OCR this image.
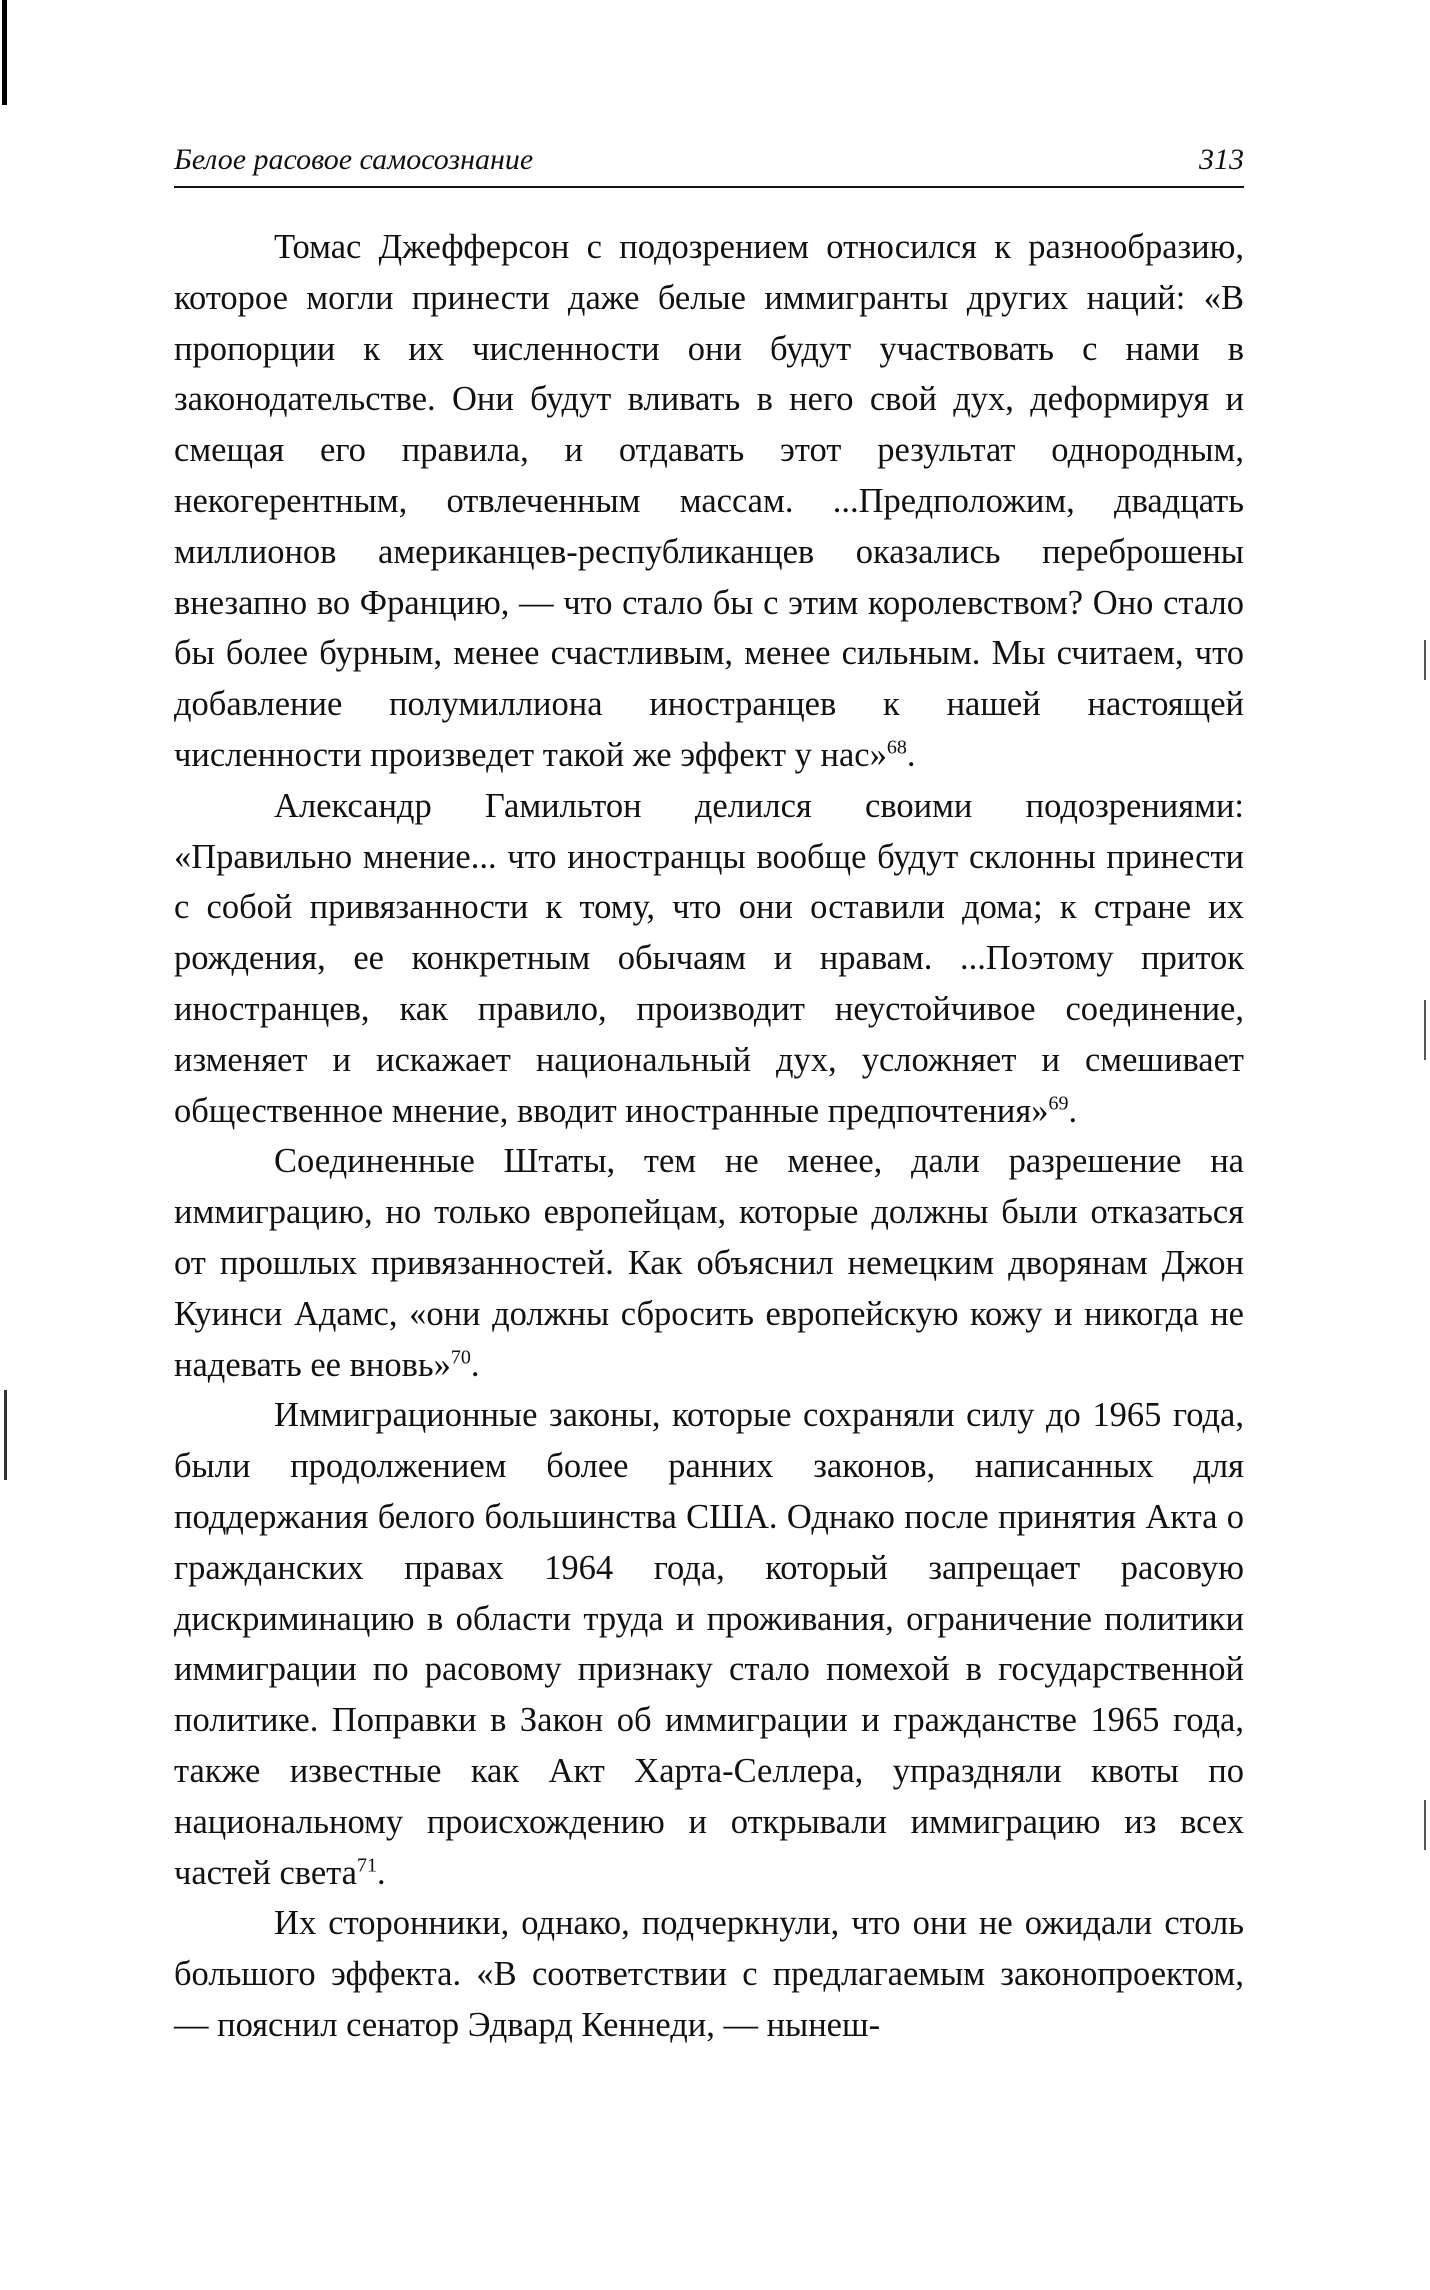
Белое расовое самосознание	313

Томас Джефферсон с подозрением относился к разнообразию, которое могли принести даже белые иммигранты других наций: «В пропорции к их численности они будут участвовать с нами в законодательстве. Они будут вливать в него свой дух, деформируя и смещая его правила, и отдавать этот результат однородным, некогерентным, отвлеченным массам. ...Предположим, двадцать миллионов американцев-республиканцев оказались переброшены внезапно во Францию, — что стало бы с этим королевством? Оно стало бы более бурным, менее счастливым, менее сильным. Мы считаем, что добавление полумиллиона иностранцев к нашей настоящей численности произведет такой же эффект у нас»$^{68}$.

Александр Гамильтон делился своими подозрениями: «Правильно мнение... что иностранцы вообще будут склонны принести с собой привязанности к тому, что они оставили дома; к стране их рождения, ее конкретным обычаям и нравам. ...Поэтому приток иностранцев, как правило, производит неустойчивое соединение, изменяет и искажает национальный дух, усложняет и смешивает общественное мнение, вводит иностранные предпочтения»$^{69}$.

Соединенные Штаты, тем не менее, дали разрешение на иммиграцию, но только европейцам, которые должны были отказаться от прошлых привязанностей. Как объяснил немецким дворянам Джон Куинси Адамс, «они должны сбросить европейскую кожу и никогда не надевать ее вновь»$^{70}$.

Иммиграционные законы, которые сохраняли силу до 1965 года, были продолжением более ранних законов, написанных для поддержания белого большинства США. Однако после принятия Акта о гражданских правах 1964 года, который запрещает расовую дискриминацию в области труда и проживания, ограничение политики иммиграции по расовому признаку стало помехой в государственной политике. Поправки в Закон об иммиграции и гражданстве 1965 года, также известные как Акт Харта-Селлера, упраздняли квоты по национальному происхождению и открывали иммиграцию из всех частей света$^{71}$.

Их сторонники, однако, подчеркнули, что они не ожидали столь большого эффекта. «В соответствии с предлагаемым законопроектом, — пояснил сенатор Эдвард Кеннеди, — нынеш-
